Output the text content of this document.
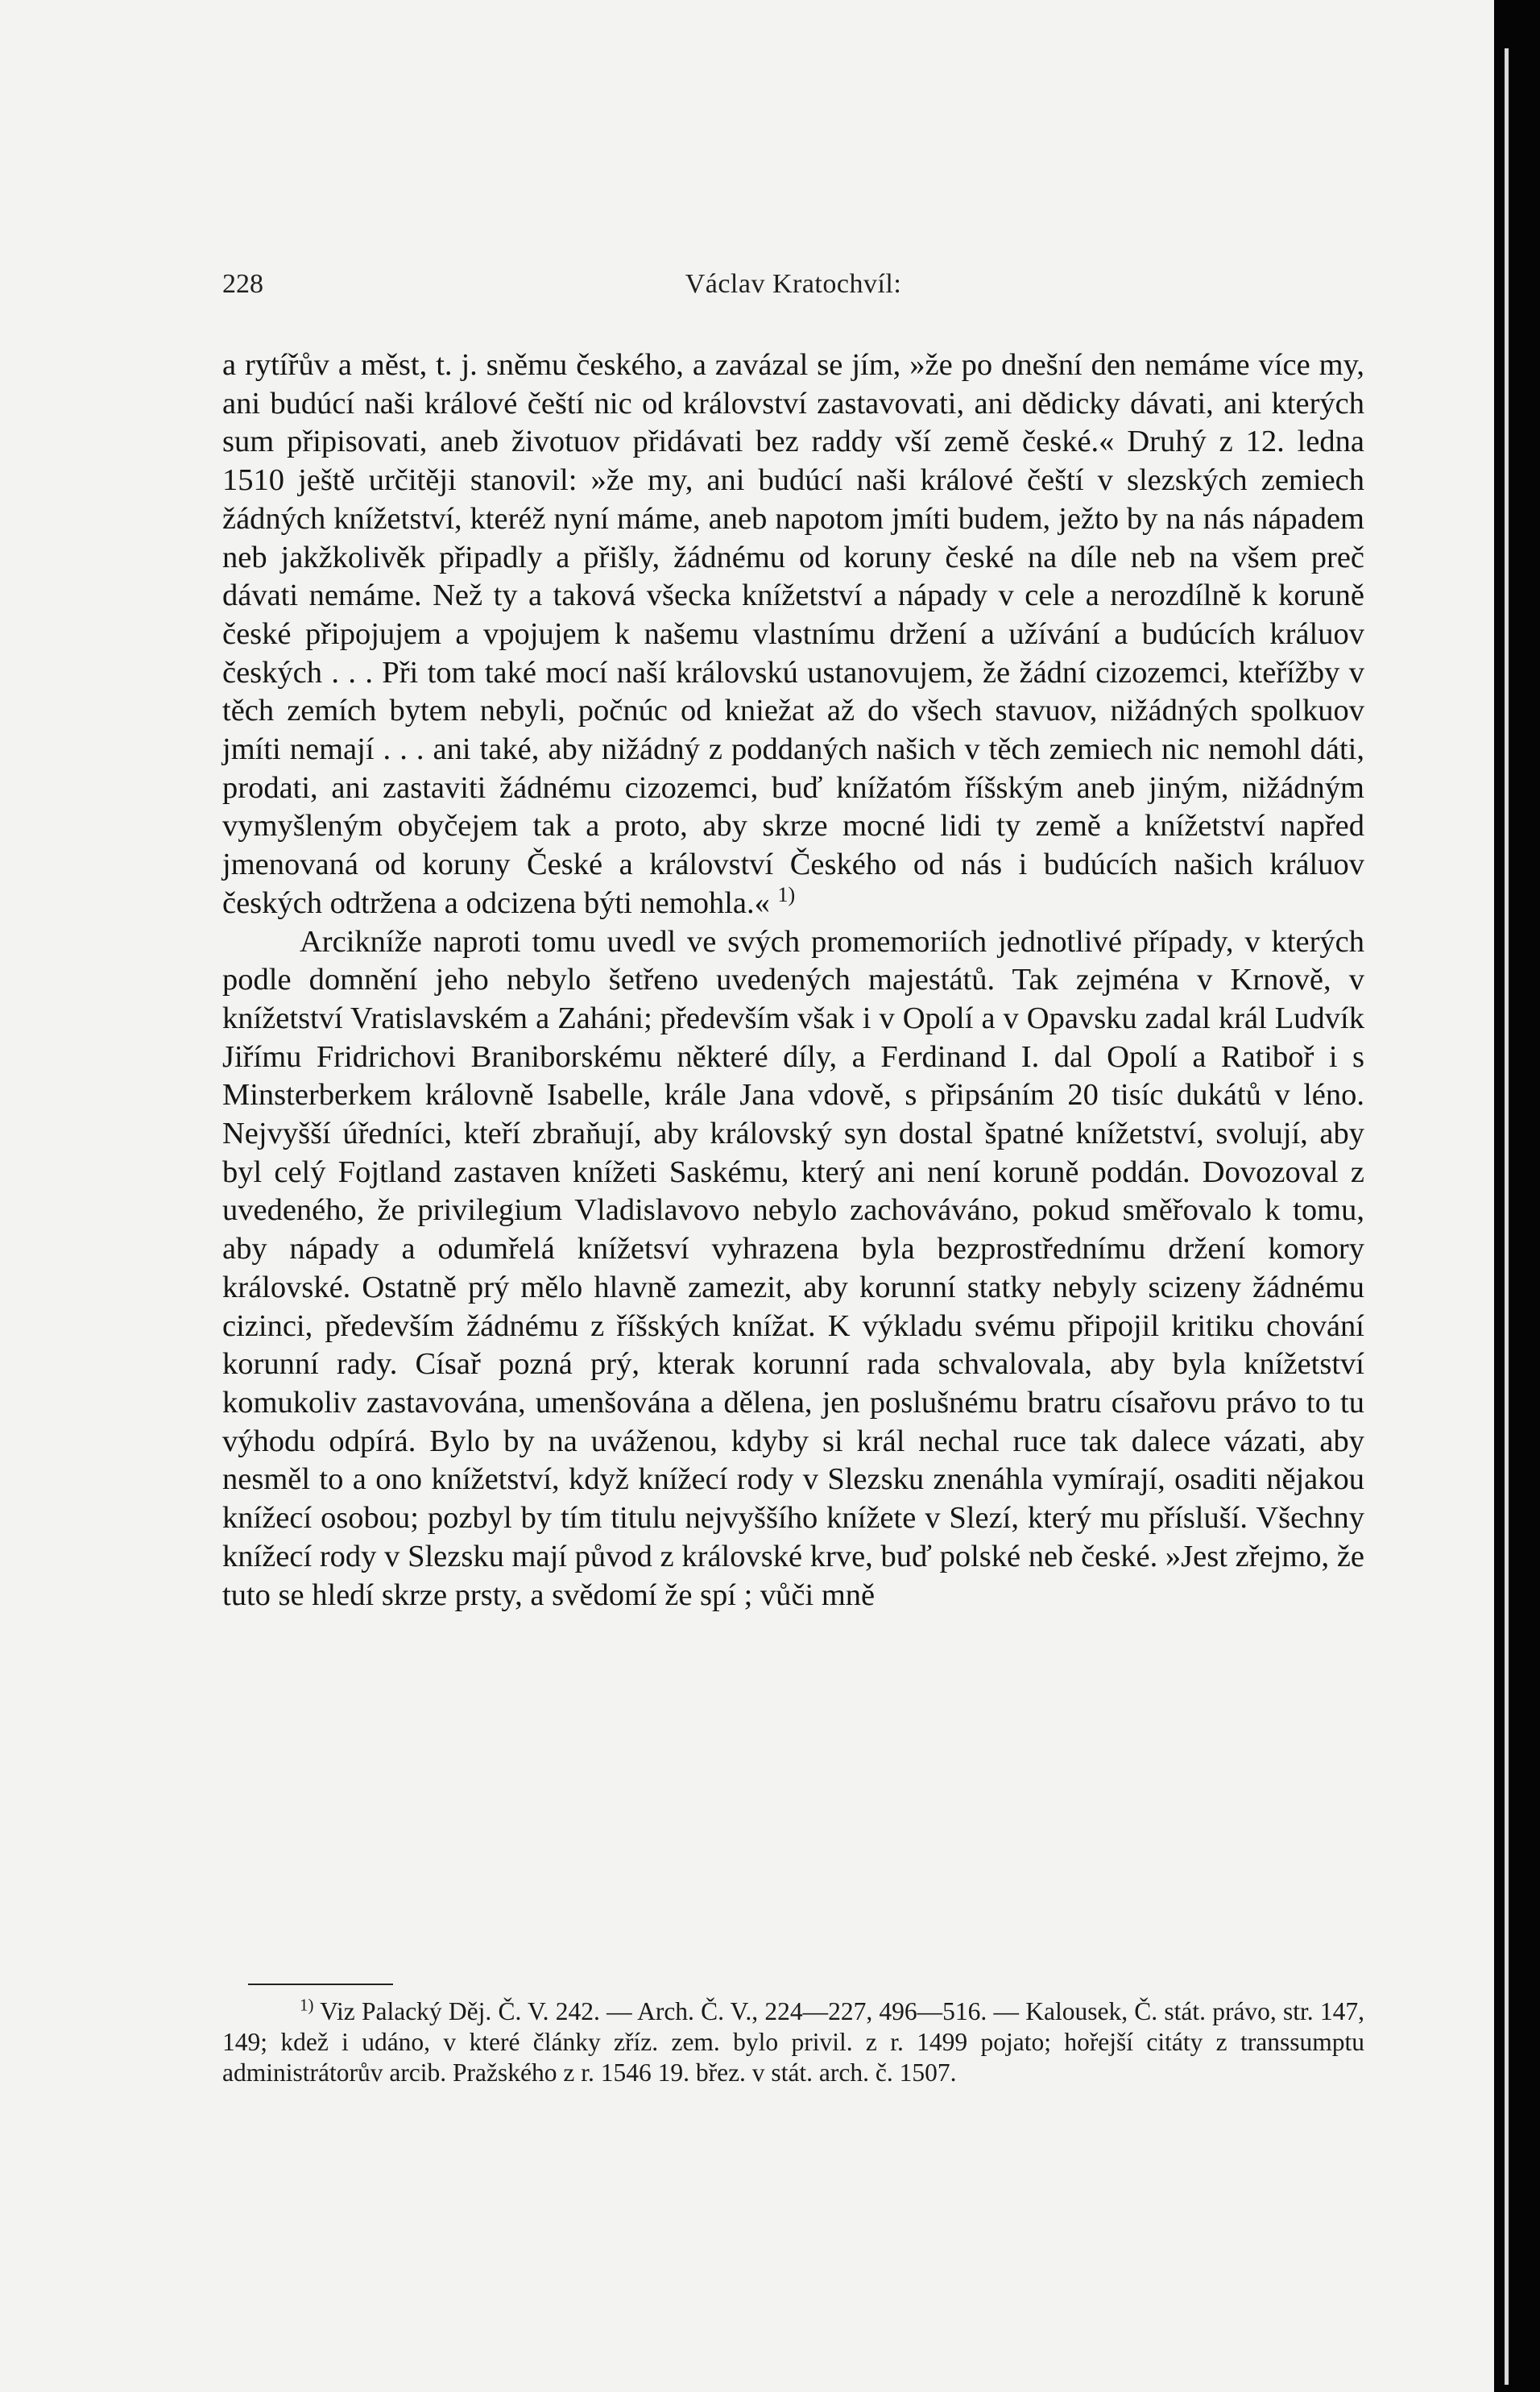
228	Václav Kratochvíl:

a rytířův a měst, t. j. sněmu českého, a zavázal se jím, »že po dnešní den nemáme více my, ani budúcí naši králové čeští nic od království zastavovati, ani dědicky dávati, ani kterých sum připisovati, aneb životuov přidávati bez raddy vší země české.« Druhý z 12. ledna 1510 ještě určitěji stanovil: »že my, ani budúcí naši králové čeští v slezských zemiech žádných knížetství, kteréž nyní máme, aneb napotom jmíti budem, ježto by na nás nápadem neb jakžkolivěk připadly a přišly, žádnému od koruny české na díle neb na všem preč dávati nemáme. Než ty a taková všecka knížetství a nápady v cele a nerozdílně k koruně české připojujem a vpojujem k našemu vlastnímu držení a užívání a budúcích králuov českých . . . Při tom také mocí naší královskú ustanovujem, že žádní cizozemci, kteřížby v těch zemích bytem nebyli, počnúc od kniežat až do všech stavuov, nižádných spolkuov jmíti nemají . . . ani také, aby nižádný z poddaných našich v těch zemiech nic nemohl dáti, prodati, ani zastaviti žádnému cizozemci, buď knížatóm říšským aneb jiným, nižádným vymyšleným obyčejem tak a proto, aby skrze mocné lidi ty země a knížetství napřed jmenovaná od koruny České a království Českého od nás i budúcích našich králuov českých odtržena a odcizena býti nemohla.« $^{1)}$

Arcikníže naproti tomu uvedl ve svých promemoriích jednotlivé případy, v kterých podle domnění jeho nebylo šetřeno uvedených majestátů. Tak zejména v Krnově, v knížetství Vratislavském a Zaháni; především však i v Opolí a v Opavsku zadal král Ludvík Jiřímu Fridrichovi Braniborskému některé díly, a Ferdinand I. dal Opolí a Ratiboř i s Minsterberkem královně Isabelle, krále Jana vdově, s připsáním 20 tisíc dukátů v léno. Nejvyšší úředníci, kteří zbraňují, aby královský syn dostal špatné knížetství, svolují, aby byl celý Fojtland zastaven knížeti Saskému, který ani není koruně poddán. Dovozoval z uvedeného, že privilegium Vladislavovo nebylo zachováváno, pokud směřovalo k tomu, aby nápady a odumřelá knížetsví vyhrazena byla bezprostřednímu držení komory královské. Ostatně prý mělo hlavně zamezit, aby korunní statky nebyly scizeny žádnému cizinci, především žádnému z říšských knížat. K výkladu svému připojil kritiku chování korunní rady. Císař pozná prý, kterak korunní rada schvalovala, aby byla knížetství komukoliv zastavována, umenšována a dělena, jen poslušnému bratru císařovu právo to tu výhodu odpírá. Bylo by na uváženou, kdyby si král nechal ruce tak dalece vázati, aby nesměl to a ono knížetství, když knížecí rody v Slezsku znenáhla vymírají, osaditi nějakou knížecí osobou; pozbyl by tím titulu nejvyššího knížete v Slezí, který mu přísluší. Všechny knížecí rody v Slezsku mají původ z královské krve, buď polské neb české. »Jest zřejmo, že tuto se hledí skrze prsty, a svědomí že spí ; vůči mně

$^{1)}$ Viz Palacký Děj. Č. V. 242. — Arch. Č. V., 224—227, 496—516. — Kalousek, Č. stát. právo, str. 147, 149; kdež i udáno, v které články zříz. zem. bylo privil. z r. 1499 pojato; hořejší citáty z transsumptu administrátorův arcib. Pražského z r. 1546 19. břez. v stát. arch. č. 1507.
